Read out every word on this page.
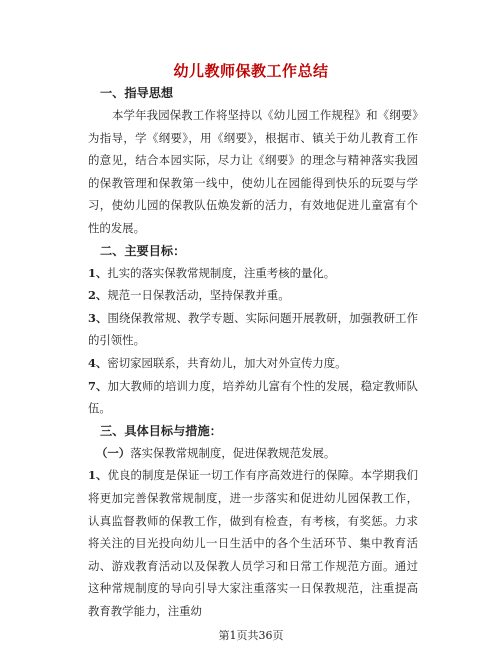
幼儿教师保教工作总结
一、指导思想

本学年我园保教工作将坚持以《幼儿园工作规程》和《纲要》为指导，学《纲要》，用《纲要》，根据市、镇关于幼儿教育工作的意见，结合本园实际，尽力让《纲要》的理念与精神落实我园的保教管理和保教第一线中，使幼儿在园能得到快乐的玩耍与学习，使幼儿园的保教队伍焕发新的活力，有效地促进儿童富有个性的发展。

二、主要目标：

1、扎实的落实保教常规制度，注重考核的量化。

2、规范一日保教活动，坚持保教并重。

3、围绕保教常规、教学专题、实际问题开展教研，加强教研工作的引领性。

4、密切家园联系，共育幼儿，加大对外宣传力度。

7、加大教师的培训力度，培养幼儿富有个性的发展，稳定教师队伍。

三、具体目标与措施：
（一）落实保教常规制度，促进保教规范发展。

1、优良的制度是保证一切工作有序高效进行的保障。本学期我们将更加完善保教常规制度，进一步落实和促进幼儿园保教工作，认真监督教师的保教工作，做到有检查，有考核，有奖惩。力求将关注的目光投向幼儿一日生活中的各个生活环节、集中教育活动、游戏教育活动以及保教人员学习和日常工作规范方面。通过这种常规制度的导向引导大家注重落实一日保教规范，注重提高教育教学能力，注重幼

第1页共36页
